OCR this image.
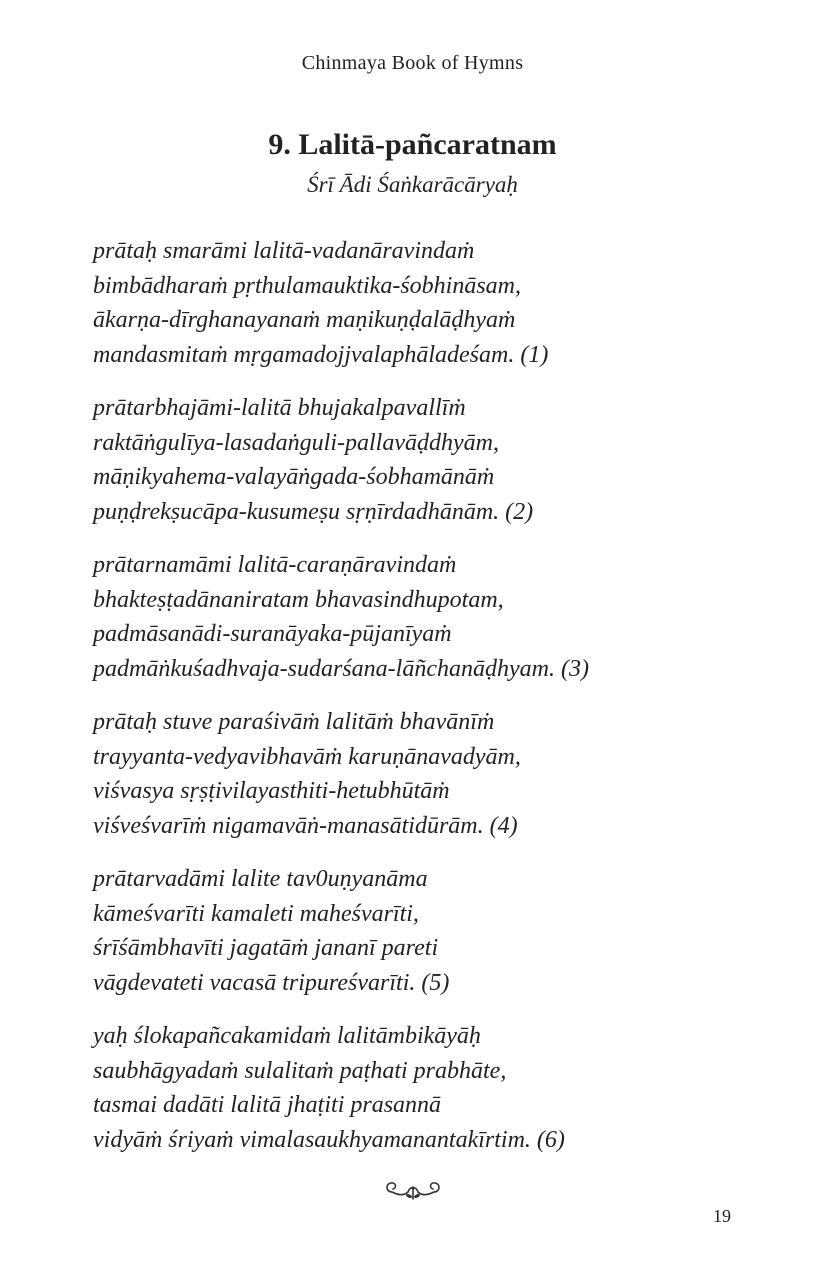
Chinmaya Book of Hymns
9. Lalitā-pañcaratnam
Śrī Ādi Śaṅkarācāryaḥ
prātaḥ smarāmi lalitā-vadanāravindaṁ
bimbādharaṁ pṛthulamauktika-śobhināsam,
ākarṇa-dīrghanayanaṁ maṇikuṇḍalāḍhyaṁ
mandasmitaṁ mṛgamadojjvalaphāladeśam. (1)
prātarbhajāmi-lalitā bhujakalpavallīṁ
raktāṅgulīya-lasadaṅguli-pallavāḍdhyām,
māṇikyahema-valayāṅgada-śobhamānāṁ
puṇḍrekṣucāpa-kusumeṣu sṛṇīrdadhānām. (2)
prātarnamāmi lalitā-caraṇāravindaṁ
bhakteṣṭadānaniratam bhavasindhupotam,
padmāsanādi-suranāyaka-pūjanīyaṁ
padmāṅkuśadhvaja-sudarśana-lāñchanāḍhyam. (3)
prātaḥ stuve paraśivāṁ lalitāṁ bhavānīṁ
trayyanta-vedyavibhavāṁ karuṇānavadyām,
viśvasya sṛṣṭivilayasthiti-hetubhūtāṁ
viśveśvarīṁ nigamavāṅ-manasātidūrām. (4)
prātarvadāmi lalite tav0uṇyanāma
kāmeśvarīti kamaleti maheśvarīti,
śrīśāmbhavīti jagatāṁ jananī pareti
vāgdevateti vacasā tripureśvarīti. (5)
yaḥ ślokapañcakamidaṁ lalitāmbikāyāḥ
saubhāgyadaṁ sulalitaṁ paṭhati prabhāte,
tasmai dadāti lalitā jhaṭiti prasannā
vidyāṁ śriyaṁ vimalasaukhyamanantakīrtim. (6)
19
